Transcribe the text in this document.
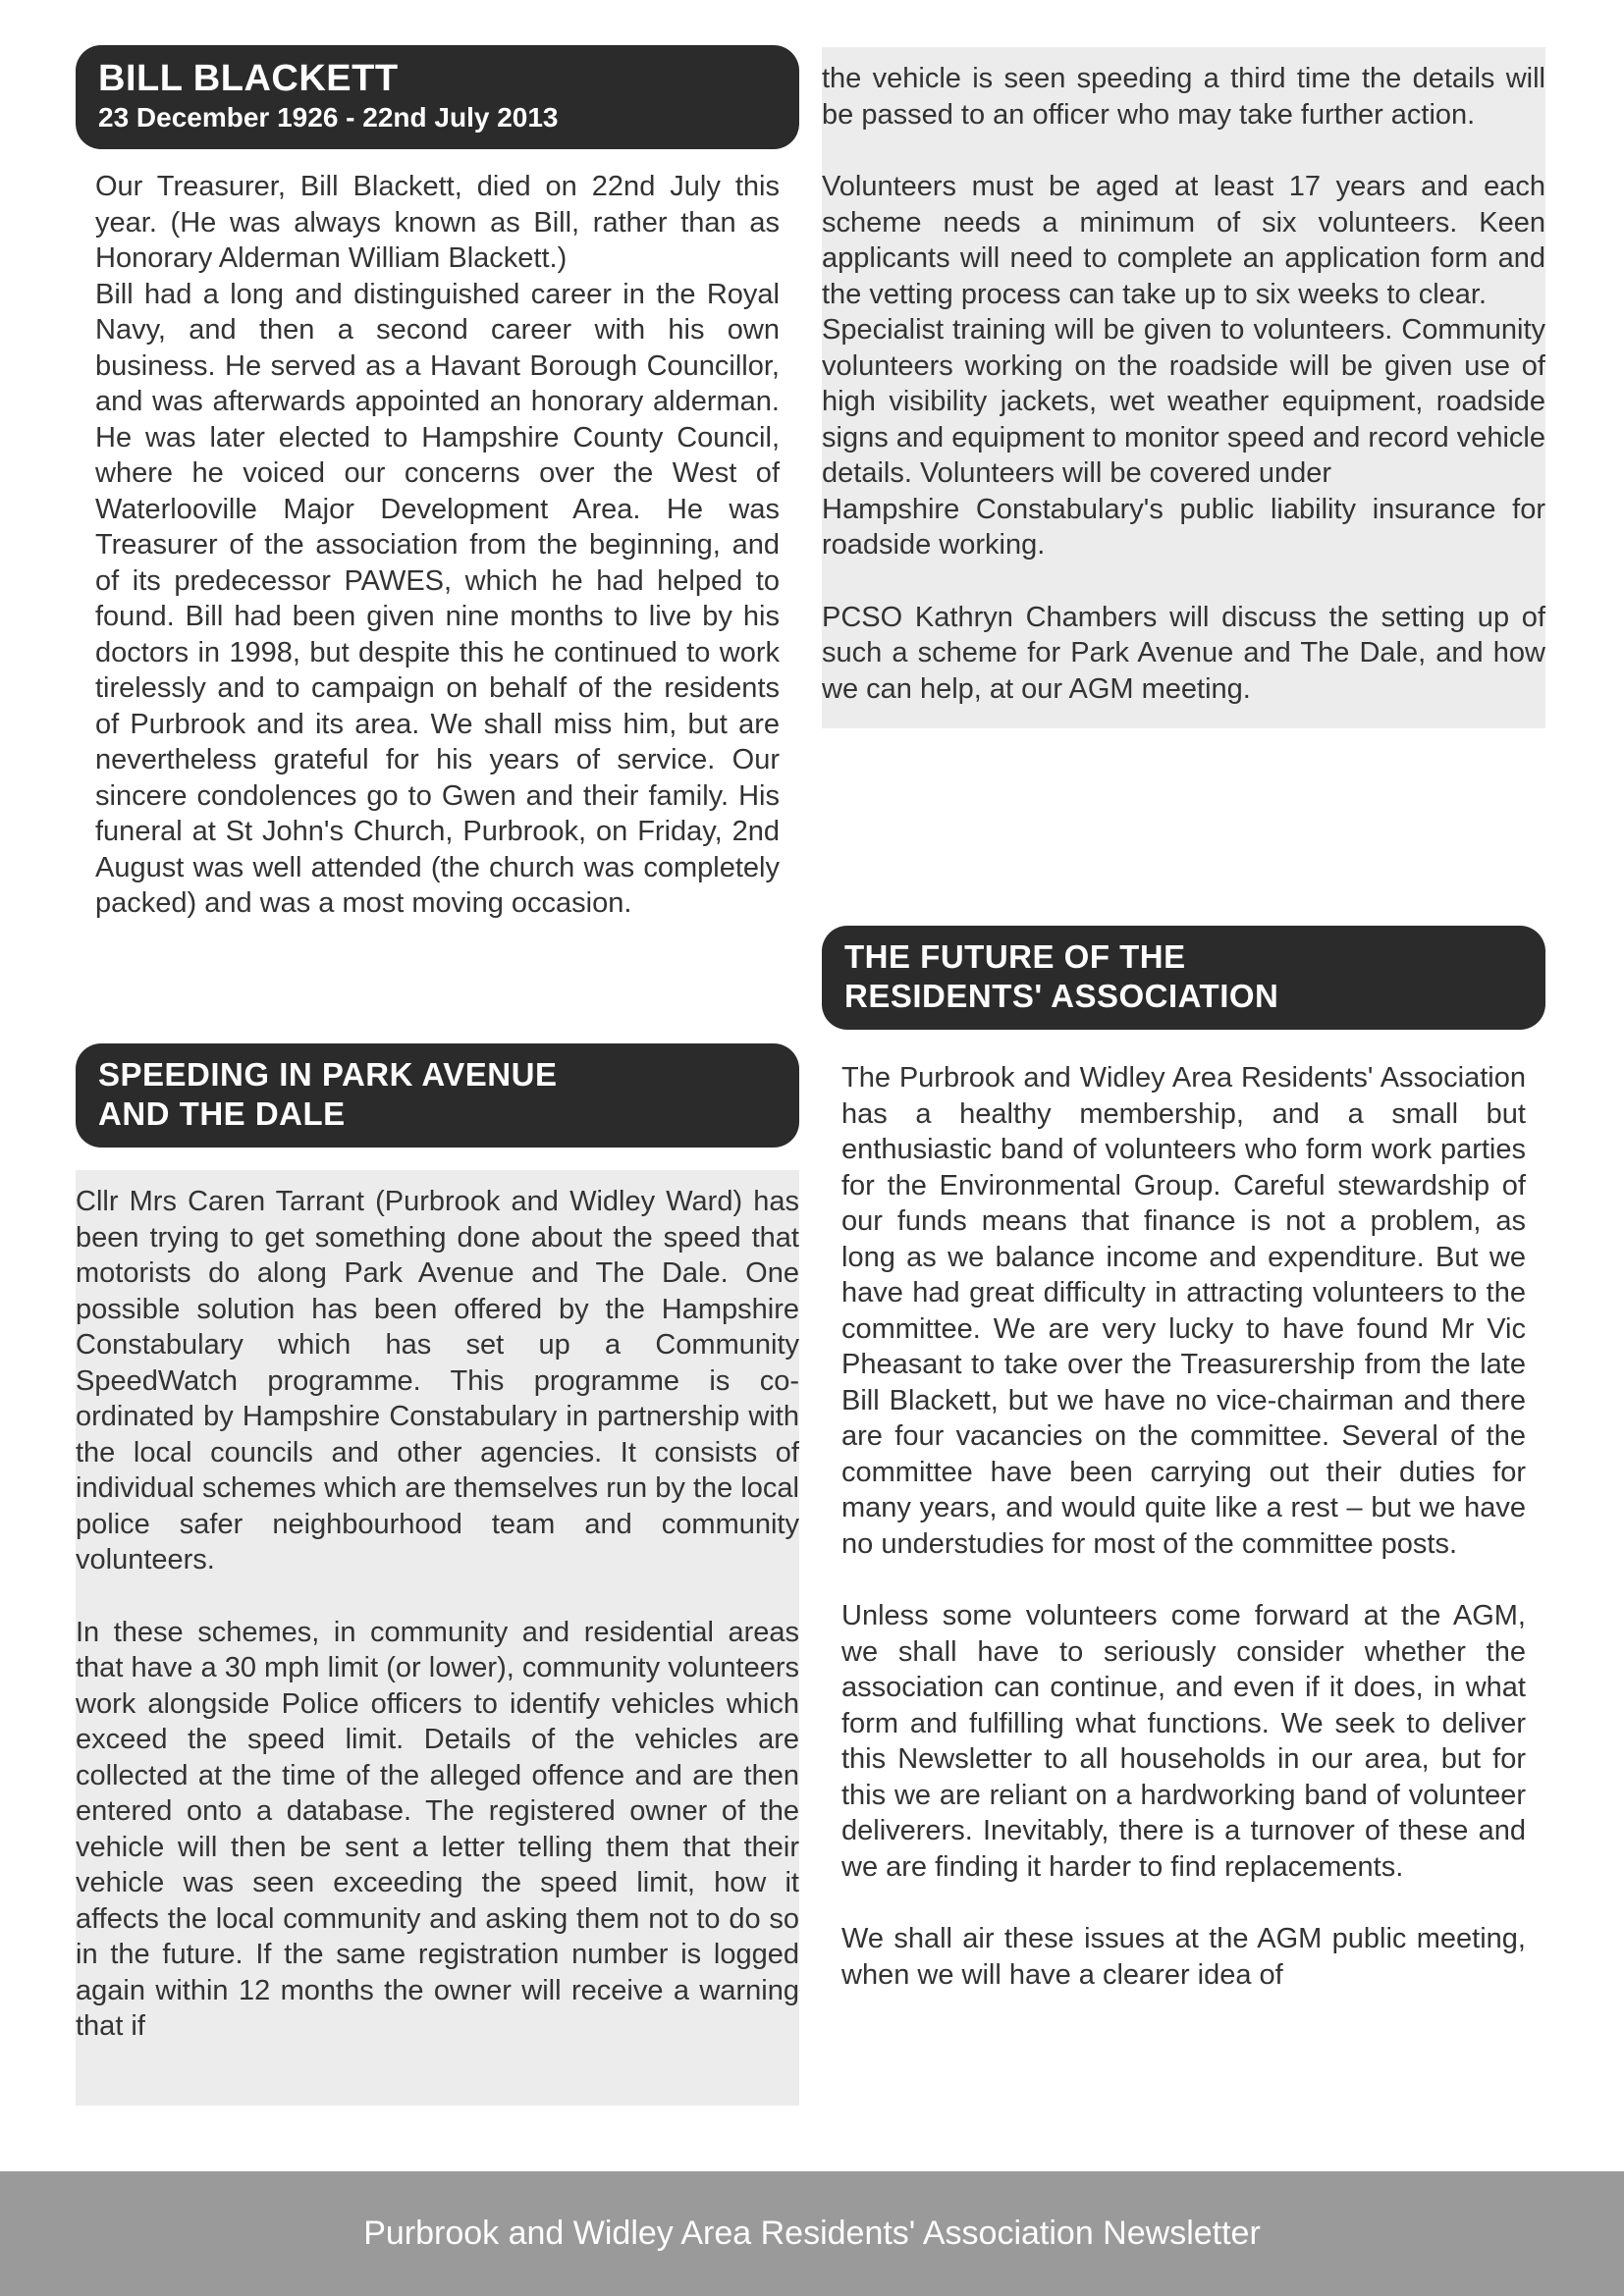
BILL BLACKETT
23 December 1926 - 22nd July 2013

Our Treasurer, Bill Blackett, died on 22nd July this year. (He was always known as Bill, rather than as Honorary Alderman William Blackett.)

Bill had a long and distinguished career in the Royal Navy, and then a second career with his own business. He served as a Havant Borough Councillor, and was afterwards appointed an honorary alderman. He was later elected to Hampshire County Council, where he voiced our concerns over the West of Waterlooville Major Development Area. He was Treasurer of the association from the beginning, and of its predecessor PAWES, which he had helped to found. Bill had been given nine months to live by his doctors in 1998, but despite this he continued to work tirelessly and to campaign on behalf of the residents of Purbrook and its area. We shall miss him, but are nevertheless grateful for his years of service. Our sincere condolences go to Gwen and their family. His funeral at St John's Church, Purbrook, on Friday, 2nd August was well attended (the church was completely packed) and was a most moving occasion.

SPEEDING IN PARK AVENUE
AND THE DALE

Cllr Mrs Caren Tarrant (Purbrook and Widley Ward) has been trying to get something done about the speed that motorists do along Park Avenue and The Dale. One possible solution has been offered by the Hampshire Constabulary which has set up a Community SpeedWatch programme. This programme is co-ordinated by Hampshire Constabulary in partnership with the local councils and other agencies. It consists of individual schemes which are themselves run by the local police safer neighbourhood team and community volunteers.

In these schemes, in community and residential areas that have a 30 mph limit (or lower), community volunteers work alongside Police officers to identify vehicles which exceed the speed limit. Details of the vehicles are collected at the time of the alleged offence and are then entered onto a database. The registered owner of the vehicle will then be sent a letter telling them that their vehicle was seen exceeding the speed limit, how it affects the local community and asking them not to do so in the future. If the same registration number is logged again within 12 months the owner will receive a warning that if

the vehicle is seen speeding a third time the details will be passed to an officer who may take further action.

Volunteers must be aged at least 17 years and each scheme needs a minimum of six volunteers. Keen applicants will need to complete an application form and the vetting process can take up to six weeks to clear.

Specialist training will be given to volunteers. Community volunteers working on the roadside will be given use of high visibility jackets, wet weather equipment, roadside signs and equipment to monitor speed and record vehicle details. Volunteers will be covered under

Hampshire Constabulary's public liability insurance for roadside working.

PCSO Kathryn Chambers will discuss the setting up of such a scheme for Park Avenue and The Dale, and how we can help, at our AGM meeting.

THE FUTURE OF THE
RESIDENTS' ASSOCIATION

The Purbrook and Widley Area Residents' Association has a healthy membership, and a small but enthusiastic band of volunteers who form work parties for the Environmental Group. Careful stewardship of our funds means that finance is not a problem, as long as we balance income and expenditure. But we have had great difficulty in attracting volunteers to the committee. We are very lucky to have found Mr Vic Pheasant to take over the Treasurership from the late Bill Blackett, but we have no vice-chairman and there are four vacancies on the committee. Several of the committee have been carrying out their duties for many years, and would quite like a rest – but we have no understudies for most of the committee posts.

Unless some volunteers come forward at the AGM, we shall have to seriously consider whether the association can continue, and even if it does, in what form and fulfilling what functions. We seek to deliver this Newsletter to all households in our area, but for this we are reliant on a hardworking band of volunteer deliverers. Inevitably, there is a turnover of these and we are finding it harder to find replacements.

We shall air these issues at the AGM public meeting, when we will have a clearer idea of

Purbrook and Widley Area Residents' Association Newsletter
